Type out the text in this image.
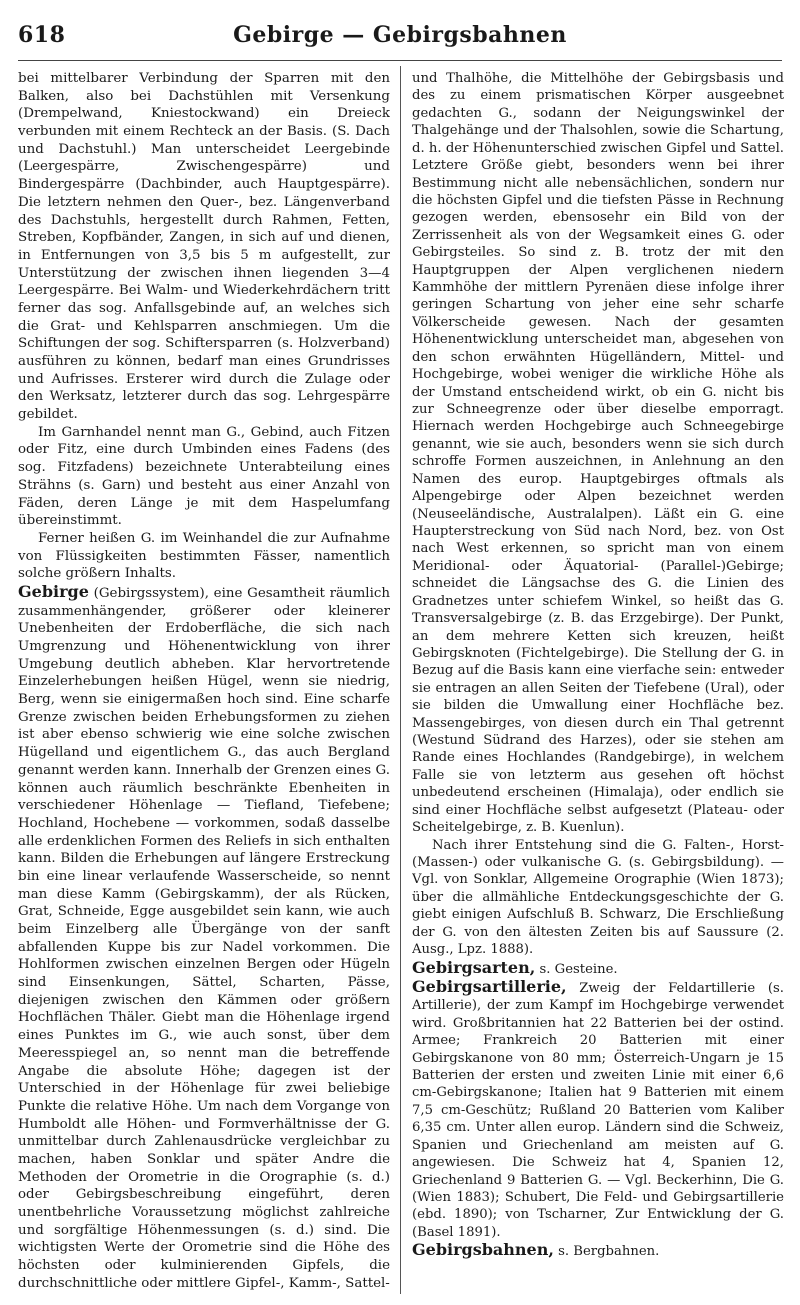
618	Gebirge — Gebirgsbahnen

bei mittelbarer Verbindung der Sparren mit den Balken, also bei Dachstühlen mit Versenkung (Drempelwand, Kniestockwand) ein Dreieck verbunden mit einem Rechteck an der Basis. (S. Dach und Dachstuhl.) Man unterscheidet Leergebinde (Leergespärre, Zwischengespärre) und Bindergespärre (Dachbinder, auch Hauptgespärre). Die letztern nehmen den Quer-, bez. Längenverband des Dachstuhls, hergestellt durch Rahmen, Fetten, Streben, Kopfbänder, Zangen, in sich auf und dienen, in Entfernungen von 3,5 bis 5 m aufgestellt, zur Unterstützung der zwischen ihnen liegenden 3—4 Leergespärre. Bei Walm- und Wiederkehrdächern tritt ferner das sog. Anfallsgebinde auf, an welches sich die Grat- und Kehlsparren anschmiegen. Um die Schiftungen der sog. Schiftersparren (s. Holzverband) ausführen zu können, bedarf man eines Grundrisses und Aufrisses. Ersterer wird durch die Zulage oder den Werksatz, letzterer durch das sog. Lehrgespärre gebildet.

Im Garnhandel nennt man G., Gebind, auch Fitzen oder Fitz, eine durch Umbinden eines Fadens (des sog. Fitzfadens) bezeichnete Unterabteilung eines Strähns (s. Garn) und besteht aus einer Anzahl von Fäden, deren Länge je mit dem Haspelumfang übereinstimmt.

Ferner heißen G. im Weinhandel die zur Aufnahme von Flüssigkeiten bestimmten Fässer, namentlich solche größern Inhalts.

Gebirge (Gebirgssystem), eine Gesamtheit räumlich zusammenhängender, größerer oder kleinerer Unebenheiten der Erdoberfläche, die sich nach Umgrenzung und Höhenentwicklung von ihrer Umgebung deutlich abheben. Klar hervortretende Einzelerhebungen heißen Hügel, wenn sie niedrig, Berg, wenn sie einigermaßen hoch sind. Eine scharfe Grenze zwischen beiden Erhebungsformen zu ziehen ist aber ebenso schwierig wie eine solche zwischen Hügelland und eigentlichem G., das auch Bergland genannt werden kann. Innerhalb der Grenzen eines G. können auch räumlich beschränkte Ebenheiten in verschiedener Höhenlage — Tiefland, Tiefebene; Hochland, Hochebene — vorkommen, sodaß dasselbe alle erdenklichen Formen des Reliefs in sich enthalten kann. Bilden die Erhebungen auf längere Erstreckung bin eine linear verlaufende Wasserscheide, so nennt man diese Kamm (Gebirgskamm), der als Rücken, Grat, Schneide, Egge ausgebildet sein kann, wie auch beim Einzelberg alle Übergänge von der sanft abfallenden Kuppe bis zur Nadel vorkommen. Die Hohlformen zwischen einzelnen Bergen oder Hügeln sind Einsenkungen, Sättel, Scharten, Pässe, diejenigen zwischen den Kämmen oder größern Hochflächen Thäler. Giebt man die Höhenlage irgend eines Punktes im G., wie auch sonst, über dem Meeresspiegel an, so nennt man die betreffende Angabe die absolute Höhe; dagegen ist der Unterschied in der Höhenlage für zwei beliebige Punkte die relative Höhe. Um nach dem Vorgange von Humboldt alle Höhen- und Formverhältnisse der G. unmittelbar durch Zahlenausdrücke vergleichbar zu machen, haben Sonklar und später Andre die Methoden der Orometrie in die Orographie (s. d.) oder Gebirgsbeschreibung eingeführt, deren unentbehrliche Voraussetzung möglichst zahlreiche und sorgfältige Höhenmessungen (s. d.) sind. Die wichtigsten Werte der Orometrie sind die Höhe des höchsten oder kulminierenden Gipfels, die durchschnittliche oder mittlere Gipfel-, Kamm-, Sattel-

und Thalhöhe, die Mittelhöhe der Gebirgsbasis und des zu einem prismatischen Körper ausgeebnet gedachten G., sodann der Neigungswinkel der Thalgehänge und der Thalsohlen, sowie die Schartung, d. h. der Höhenunterschied zwischen Gipfel und Sattel. Letztere Größe giebt, besonders wenn bei ihrer Bestimmung nicht alle nebensächlichen, sondern nur die höchsten Gipfel und die tiefsten Pässe in Rechnung gezogen werden, ebensosehr ein Bild von der Zerrissenheit als von der Wegsamkeit eines G. oder Gebirgsteiles. So sind z. B. trotz der mit den Hauptgruppen der Alpen verglichenen niedern Kammhöhe der mittlern Pyrenäen diese infolge ihrer geringen Schartung von jeher eine sehr scharfe Völkerscheide gewesen. Nach der gesamten Höhenentwicklung unterscheidet man, abgesehen von den schon erwähnten Hügelländern, Mittel- und Hochgebirge, wobei weniger die wirkliche Höhe als der Umstand entscheidend wirkt, ob ein G. nicht bis zur Schneegrenze oder über dieselbe emporragt. Hiernach werden Hochgebirge auch Schneegebirge genannt, wie sie auch, besonders wenn sie sich durch schroffe Formen auszeichnen, in Anlehnung an den Namen des europ. Hauptgebirges oftmals als Alpengebirge oder Alpen bezeichnet werden (Neuseeländische, Australalpen). Läßt ein G. eine Haupterstreckung von Süd nach Nord, bez. von Ost nach West erkennen, so spricht man von einem Meridional- oder Äquatorial- (Parallel-)Gebirge; schneidet die Längsachse des G. die Linien des Gradnetzes unter schiefem Winkel, so heißt das G. Transversalgebirge (z. B. das Erzgebirge). Der Punkt, an dem mehrere Ketten sich kreuzen, heißt Gebirgsknoten (Fichtelgebirge). Die Stellung der G. in Bezug auf die Basis kann eine vierfache sein: entweder sie entragen an allen Seiten der Tiefebene (Ural), oder sie bilden die Umwallung einer Hochfläche bez. Massengebirges, von diesen durch ein Thal getrennt (Westund Südrand des Harzes), oder sie stehen am Rande eines Hochlandes (Randgebirge), in welchem Falle sie von letzterm aus gesehen oft höchst unbedeutend erscheinen (Himalaja), oder endlich sie sind einer Hochfläche selbst aufgesetzt (Plateau- oder Scheitelgebirge, z. B. Kuenlun).

Nach ihrer Entstehung sind die G. Falten-, Horst- (Massen-) oder vulkanische G. (s. Gebirgsbildung). — Vgl. von Sonklar, Allgemeine Orographie (Wien 1873); über die allmähliche Entdeckungsgeschichte der G. giebt einigen Aufschluß B. Schwarz, Die Erschließung der G. von den ältesten Zeiten bis auf Saussure (2. Ausg., Lpz. 1888).

Gebirgsarten, s. Gesteine.

Gebirgsartillerie, Zweig der Feldartillerie (s. Artillerie), der zum Kampf im Hochgebirge verwendet wird. Großbritannien hat 22 Batterien bei der ostind. Armee; Frankreich 20 Batterien mit einer Gebirgskanone von 80 mm; Österreich-Ungarn je 15 Batterien der ersten und zweiten Linie mit einer 6,6 cm-Gebirgskanone; Italien hat 9 Batterien mit einem 7,5 cm-Geschütz; Rußland 20 Batterien vom Kaliber 6,35 cm. Unter allen europ. Ländern sind die Schweiz, Spanien und Griechenland am meisten auf G. angewiesen. Die Schweiz hat 4, Spanien 12, Griechenland 9 Batterien G. — Vgl. Beckerhinn, Die G. (Wien 1883); Schubert, Die Feld- und Gebirgsartillerie (ebd. 1890); von Tscharner, Zur Entwicklung der G. (Basel 1891).

Gebirgsbahnen, s. Bergbahnen.
